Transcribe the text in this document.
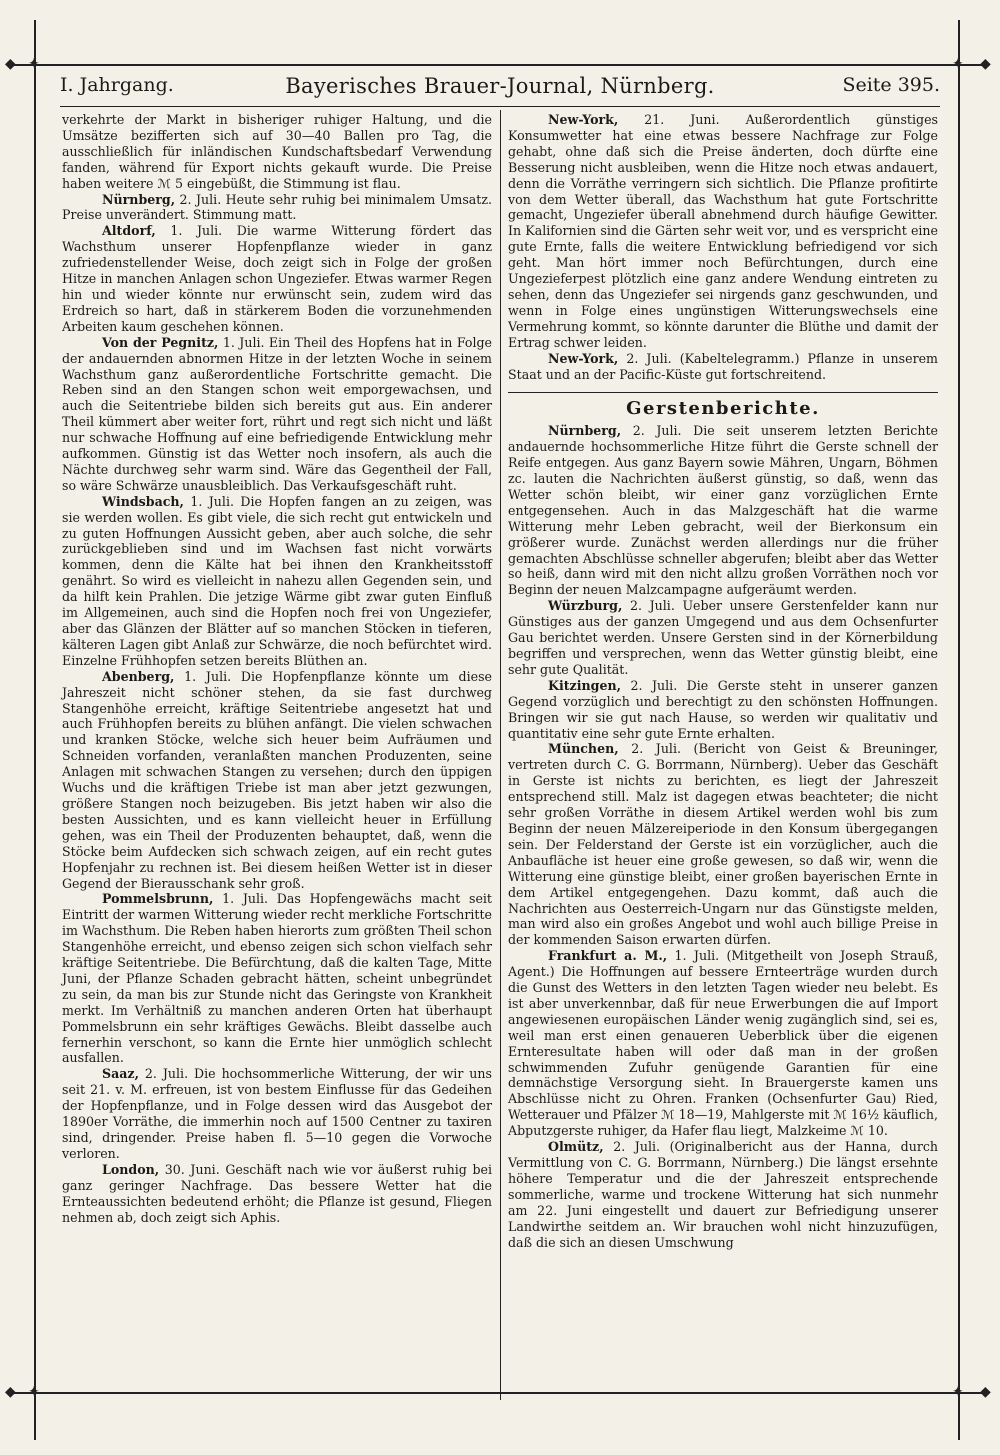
✦	✦
✦	✦
◆	◆
◆	◆
I. Jahrgang.	Bayerisches Brauer-Journal, Nürnberg.	Seite 395.

verkehrte der Markt in bisheriger ruhiger Haltung, und die Umsätze bezifferten sich auf 30—40 Ballen pro Tag, die ausschließlich für inländischen Kundschaftsbedarf Verwendung fanden, während für Export nichts gekauft wurde. Die Preise haben weitere ℳ 5 eingebüßt, die Stimmung ist flau.

Nürnberg, 2. Juli. Heute sehr ruhig bei minimalem Umsatz. Preise unverändert. Stimmung matt.

Altdorf, 1. Juli. Die warme Witterung fördert das Wachsthum unserer Hopfenpflanze wieder in ganz zufriedenstellender Weise, doch zeigt sich in Folge der großen Hitze in manchen Anlagen schon Ungeziefer. Etwas warmer Regen hin und wieder könnte nur erwünscht sein, zudem wird das Erdreich so hart, daß in stärkerem Boden die vorzunehmenden Arbeiten kaum geschehen können.

Von der Pegnitz, 1. Juli. Ein Theil des Hopfens hat in Folge der andauernden abnormen Hitze in der letzten Woche in seinem Wachsthum ganz außerordentliche Fortschritte gemacht. Die Reben sind an den Stangen schon weit emporgewachsen, und auch die Seitentriebe bilden sich bereits gut aus. Ein anderer Theil kümmert aber weiter fort, rührt und regt sich nicht und läßt nur schwache Hoffnung auf eine befriedigende Entwicklung mehr aufkommen. Günstig ist das Wetter noch insofern, als auch die Nächte durchweg sehr warm sind. Wäre das Gegentheil der Fall, so wäre Schwärze unausbleiblich. Das Verkaufsgeschäft ruht.

Windsbach, 1. Juli. Die Hopfen fangen an zu zeigen, was sie werden wollen. Es gibt viele, die sich recht gut entwickeln und zu guten Hoffnungen Aussicht geben, aber auch solche, die sehr zurückgeblieben sind und im Wachsen fast nicht vorwärts kommen, denn die Kälte hat bei ihnen den Krankheitsstoff genährt. So wird es vielleicht in nahezu allen Gegenden sein, und da hilft kein Prahlen. Die jetzige Wärme gibt zwar guten Einfluß im Allgemeinen, auch sind die Hopfen noch frei von Ungeziefer, aber das Glänzen der Blätter auf so manchen Stöcken in tieferen, kälteren Lagen gibt Anlaß zur Schwärze, die noch befürchtet wird. Einzelne Frühhopfen setzen bereits Blüthen an.

Abenberg, 1. Juli. Die Hopfenpflanze könnte um diese Jahreszeit nicht schöner stehen, da sie fast durchweg Stangenhöhe erreicht, kräftige Seitentriebe angesetzt hat und auch Frühhopfen bereits zu blühen anfängt. Die vielen schwachen und kranken Stöcke, welche sich heuer beim Aufräumen und Schneiden vorfanden, veranlaßten manchen Produzenten, seine Anlagen mit schwachen Stangen zu versehen; durch den üppigen Wuchs und die kräftigen Triebe ist man aber jetzt gezwungen, größere Stangen noch beizugeben. Bis jetzt haben wir also die besten Aussichten, und es kann vielleicht heuer in Erfüllung gehen, was ein Theil der Produzenten behauptet, daß, wenn die Stöcke beim Aufdecken sich schwach zeigen, auf ein recht gutes Hopfenjahr zu rechnen ist. Bei diesem heißen Wetter ist in dieser Gegend der Bierausschank sehr groß.

Pommelsbrunn, 1. Juli. Das Hopfengewächs macht seit Eintritt der warmen Witterung wieder recht merkliche Fortschritte im Wachsthum. Die Reben haben hierorts zum größten Theil schon Stangenhöhe erreicht, und ebenso zeigen sich schon vielfach sehr kräftige Seitentriebe. Die Befürchtung, daß die kalten Tage, Mitte Juni, der Pflanze Schaden gebracht hätten, scheint unbegründet zu sein, da man bis zur Stunde nicht das Geringste von Krankheit merkt. Im Verhältniß zu manchen anderen Orten hat überhaupt Pommelsbrunn ein sehr kräftiges Gewächs. Bleibt dasselbe auch fernerhin verschont, so kann die Ernte hier unmöglich schlecht ausfallen.

Saaz, 2. Juli. Die hochsommerliche Witterung, der wir uns seit 21. v. M. erfreuen, ist von bestem Einflusse für das Gedeihen der Hopfenpflanze, und in Folge dessen wird das Ausgebot der 1890er Vorräthe, die immerhin noch auf 1500 Centner zu taxiren sind, dringender. Preise haben fl. 5—10 gegen die Vorwoche verloren.

London, 30. Juni. Geschäft nach wie vor äußerst ruhig bei ganz geringer Nachfrage. Das bessere Wetter hat die Ernteaussichten bedeutend erhöht; die Pflanze ist gesund, Fliegen nehmen ab, doch zeigt sich Aphis.

New-York, 21. Juni. Außerordentlich günstiges Konsumwetter hat eine etwas bessere Nachfrage zur Folge gehabt, ohne daß sich die Preise änderten, doch dürfte eine Besserung nicht ausbleiben, wenn die Hitze noch etwas andauert, denn die Vorräthe verringern sich sichtlich. Die Pflanze profitirte von dem Wetter überall, das Wachsthum hat gute Fortschritte gemacht, Ungeziefer überall abnehmend durch häufige Gewitter. In Kalifornien sind die Gärten sehr weit vor, und es verspricht eine gute Ernte, falls die weitere Entwicklung befriedigend vor sich geht. Man hört immer noch Befürchtungen, durch eine Ungezieferpest plötzlich eine ganz andere Wendung eintreten zu sehen, denn das Ungeziefer sei nirgends ganz geschwunden, und wenn in Folge eines ungünstigen Witterungswechsels eine Vermehrung kommt, so könnte darunter die Blüthe und damit der Ertrag schwer leiden.

New-York, 2. Juli. (Kabeltelegramm.) Pflanze in unserem Staat und an der Pacific-Küste gut fortschreitend.

Gerstenberichte.

Nürnberg, 2. Juli. Die seit unserem letzten Berichte andauernde hochsommerliche Hitze führt die Gerste schnell der Reife entgegen. Aus ganz Bayern sowie Mähren, Ungarn, Böhmen zc. lauten die Nachrichten äußerst günstig, so daß, wenn das Wetter schön bleibt, wir einer ganz vorzüglichen Ernte entgegensehen. Auch in das Malzgeschäft hat die warme Witterung mehr Leben gebracht, weil der Bierkonsum ein größerer wurde. Zunächst werden allerdings nur die früher gemachten Abschlüsse schneller abgerufen; bleibt aber das Wetter so heiß, dann wird mit den nicht allzu großen Vorräthen noch vor Beginn der neuen Malzcampagne aufgeräumt werden.

Würzburg, 2. Juli. Ueber unsere Gerstenfelder kann nur Günstiges aus der ganzen Umgegend und aus dem Ochsenfurter Gau berichtet werden. Unsere Gersten sind in der Körnerbildung begriffen und versprechen, wenn das Wetter günstig bleibt, eine sehr gute Qualität.

Kitzingen, 2. Juli. Die Gerste steht in unserer ganzen Gegend vorzüglich und berechtigt zu den schönsten Hoffnungen. Bringen wir sie gut nach Hause, so werden wir qualitativ und quantitativ eine sehr gute Ernte erhalten.

München, 2. Juli. (Bericht von Geist & Breuninger, vertreten durch C. G. Borrmann, Nürnberg). Ueber das Geschäft in Gerste ist nichts zu berichten, es liegt der Jahreszeit entsprechend still. Malz ist dagegen etwas beachteter; die nicht sehr großen Vorräthe in diesem Artikel werden wohl bis zum Beginn der neuen Mälzereiperiode in den Konsum übergegangen sein. Der Felderstand der Gerste ist ein vorzüglicher, auch die Anbaufläche ist heuer eine große gewesen, so daß wir, wenn die Witterung eine günstige bleibt, einer großen bayerischen Ernte in dem Artikel entgegengehen. Dazu kommt, daß auch die Nachrichten aus Oesterreich-Ungarn nur das Günstigste melden, man wird also ein großes Angebot und wohl auch billige Preise in der kommenden Saison erwarten dürfen.

Frankfurt a. M., 1. Juli. (Mitgetheilt von Joseph Strauß, Agent.) Die Hoffnungen auf bessere Ernteerträge wurden durch die Gunst des Wetters in den letzten Tagen wieder neu belebt. Es ist aber unverkennbar, daß für neue Erwerbungen die auf Import angewiesenen europäischen Länder wenig zugänglich sind, sei es, weil man erst einen genaueren Ueberblick über die eigenen Ernteresultate haben will oder daß man in der großen schwimmenden Zufuhr genügende Garantien für eine demnächstige Versorgung sieht. In Brauergerste kamen uns Abschlüsse nicht zu Ohren. Franken (Ochsenfurter Gau) Ried, Wetterauer und Pfälzer ℳ 18—19, Mahlgerste mit ℳ 16½ käuflich, Abputzgerste ruhiger, da Hafer flau liegt, Malzkeime ℳ 10.

Olmütz, 2. Juli. (Originalbericht aus der Hanna, durch Vermittlung von C. G. Borrmann, Nürnberg.) Die längst ersehnte höhere Temperatur und die der Jahreszeit entsprechende sommerliche, warme und trockene Witterung hat sich nunmehr am 22. Juni eingestellt und dauert zur Befriedigung unserer Landwirthe seitdem an. Wir brauchen wohl nicht hinzuzufügen, daß die sich an diesen Umschwung
